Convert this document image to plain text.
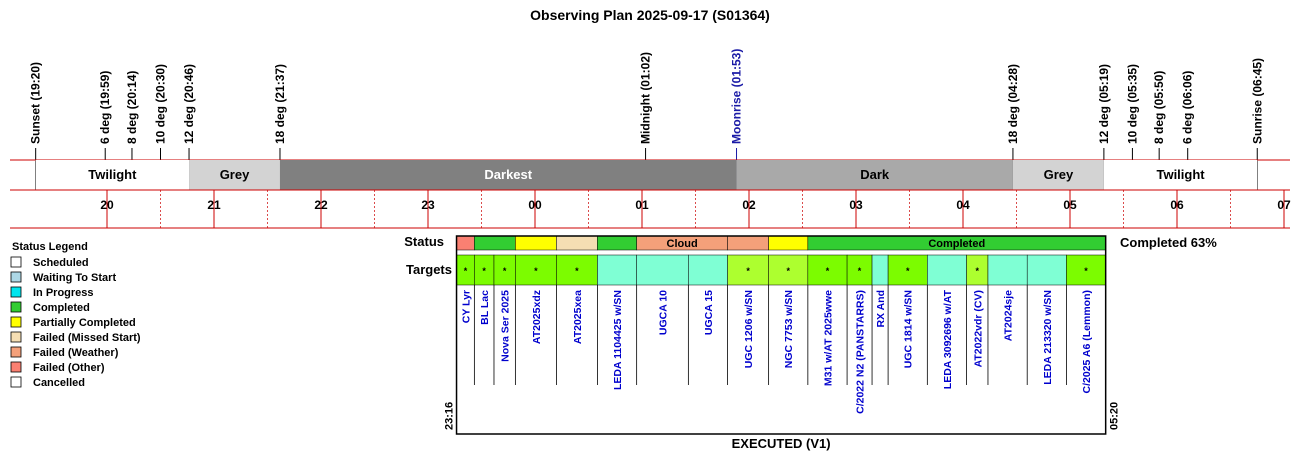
Observing Plan 2025-09-17 (S01364)
Sunset (19:20)	6 deg (19:59) 8 deg (20:14) 10 deg (20:30) 12 deg (20:46)	18 deg (21:37)	Midnight (01:02)	Moonrise (01:53)	18 deg (04:28)	12 deg (05:19) 10 deg (05:35) 8 deg (05:50) 6 deg (06:06)	Sunrise (06:45)
Twilight	Grey	Darkest	Dark	Grey	Twilight
20	21	22	23	00	01	02	03	04	05	06	07
Status Legend
Scheduled
Waiting To Start
In Progress
Completed
Partially Completed
Failed (Missed Start)
Failed (Weather)
Failed (Other)
Cancelled
Status
Targets
Cloud	Completed
* * *	*	*	*	*	*	*	*	*	*
CY Lyr BL Lac Nova Ser 2025 AT2025xdz	AT2025xea	LEDA 1104425 w/SN	UGCA 10	UGCA 15	UGC 1206 w/SN	NGC 7753 w/SN	M31 w/AT 2025wwe C/2022 N2 (PANSTARRS) RX And UGC 1814 w/SN	LEDA 3092696 w/AT AT2022vdr (CV) AT2024sje	LEDA 213320 w/SN	C/2025 A6 (Lemmon)
Completed 63%
23:16	05:20
EXECUTED (V1)
